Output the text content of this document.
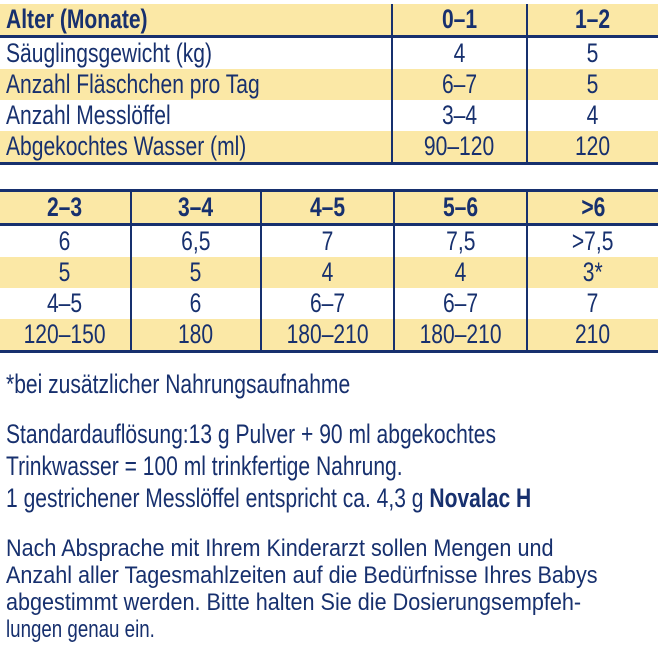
Alter (Monate)	0–1	1–2
Säuglingsgewicht (kg)	4	5
Anzahl Fläschchen pro Tag	6–7	5
Anzahl Messlöffel	3–4	4
Abgekochtes Wasser (ml)	90–120	120
2–3	3–4	4–5	5–6	>6
6	6,5	7	7,5	>7,5
5	5	4	4	3*
4–5	6	6–7	6–7	7
120–150	180	180–210	180–210	210
*bei zusätzlicher Nahrungsaufnahme
Standardauflösung:13 g Pulver + 90 ml abgekochtes
Trinkwasser = 100 ml trinkfertige Nahrung.
1 gestrichener Messlöffel entspricht ca. 4,3 g Novalac H
Nach Absprache mit Ihrem Kinderarzt sollen Mengen und
Anzahl aller Tagesmahlzeiten auf die Bedürfnisse Ihres Babys
abgestimmt werden. Bitte halten Sie die Dosierungsempfeh-
lungen genau ein.
